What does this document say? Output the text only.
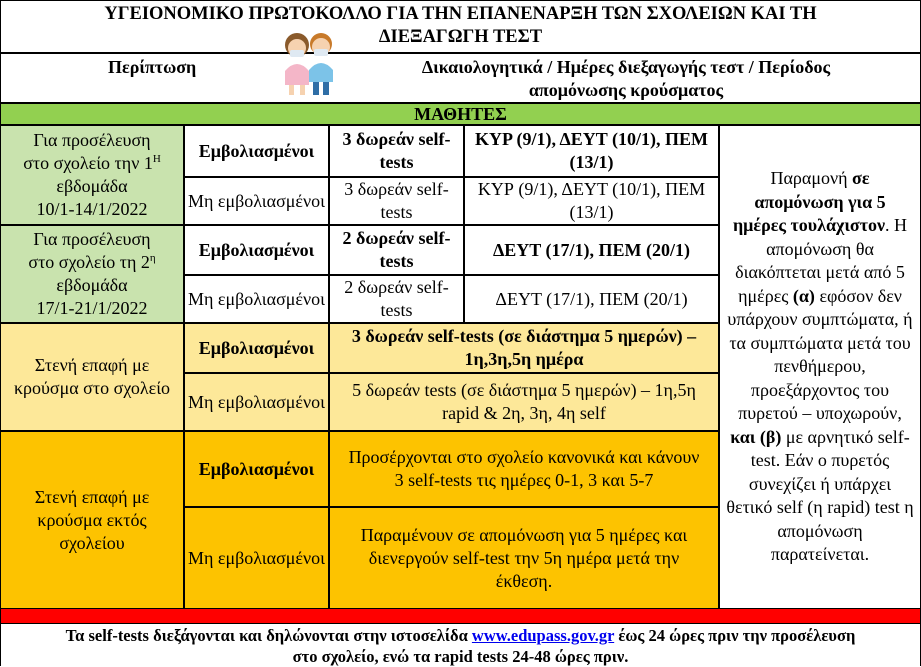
ΥΓΕΙΟΝΟΜΙΚΟ ΠΡΩΤΟΚΟΛΛΟ ΓΙΑ ΤΗΝ ΕΠΑΝΕΝΑΡΞΗ ΤΩΝ ΣΧΟΛΕΙΩΝ ΚΑΙ ΤΗ
ΔΙΕΞΑΓΩΓΗ ΤΕΣΤ
Περίπτωση	Δικαιολογητικά / Ημέρες διεξαγωγής τεστ / Περίοδος
απομόνωσης κρούσματος
ΜΑΘΗΤΕΣ
Για προσέλευση
στο σχολείο την $1^H$
εβδομάδα
10/1-14/1/2022
Εμβολιασμένοι
3 δωρεάν self-tests
ΚΥΡ (9/1), ΔΕΥΤ (10/1), ΠΕΜ (13/1)
Μη εμβολιασμένοι
3 δωρεάν self-tests
ΚΥΡ (9/1), ΔΕΥΤ (10/1), ΠΕΜ (13/1)
Για προσέλευση
στο σχολείο τη $2^\eta$
εβδομάδα
17/1-21/1/2022
Εμβολιασμένοι
2 δωρεάν self-tests
ΔΕΥΤ (17/1), ΠΕΜ (20/1)
Μη εμβολιασμένοι
2 δωρεάν self-tests
ΔΕΥΤ (17/1), ΠΕΜ (20/1)
Στενή επαφή με κρούσμα στο σχολείο
Εμβολιασμένοι
3 δωρεάν self-tests (σε διάστημα 5 ημερών) – 1η,3η,5η ημέρα
Μη εμβολιασμένοι
5 δωρεάν tests (σε διάστημα 5 ημερών) – 1η,5η rapid & 2η, 3η, 4η self
Στενή επαφή με κρούσμα εκτός σχολείου
Εμβολιασμένοι
Προσέρχονται στο σχολείο κανονικά και κάνουν 3 self-tests τις ημέρες 0-1, 3 και 5-7
Μη εμβολιασμένοι
Παραμένουν σε απομόνωση για 5 ημέρες και διενεργούν self-test την 5η ημέρα μετά την έκθεση.
Παραμονή σε απομόνωση για 5 ημέρες τουλάχιστον. Η απομόνωση θα διακόπτεται μετά από 5 ημέρες (α) εφόσον δεν υπάρχουν συμπτώματα, ή τα συμπτώματα μετά του πενθήμερου, προεξάρχοντος του πυρετού – υποχωρούν, και (β) με αρνητικό self-test. Εάν ο πυρετός συνεχίζει ή υπάρχει θετικό self (η rapid) test η απομόνωση παρατείνεται.
Τα self-tests διεξάγονται και δηλώνονται στην ιστοσελίδα www.edupass.gov.gr έως 24 ώρες πριν την προσέλευση
στο σχολείο, ενώ τα rapid tests 24-48 ώρες πριν.
